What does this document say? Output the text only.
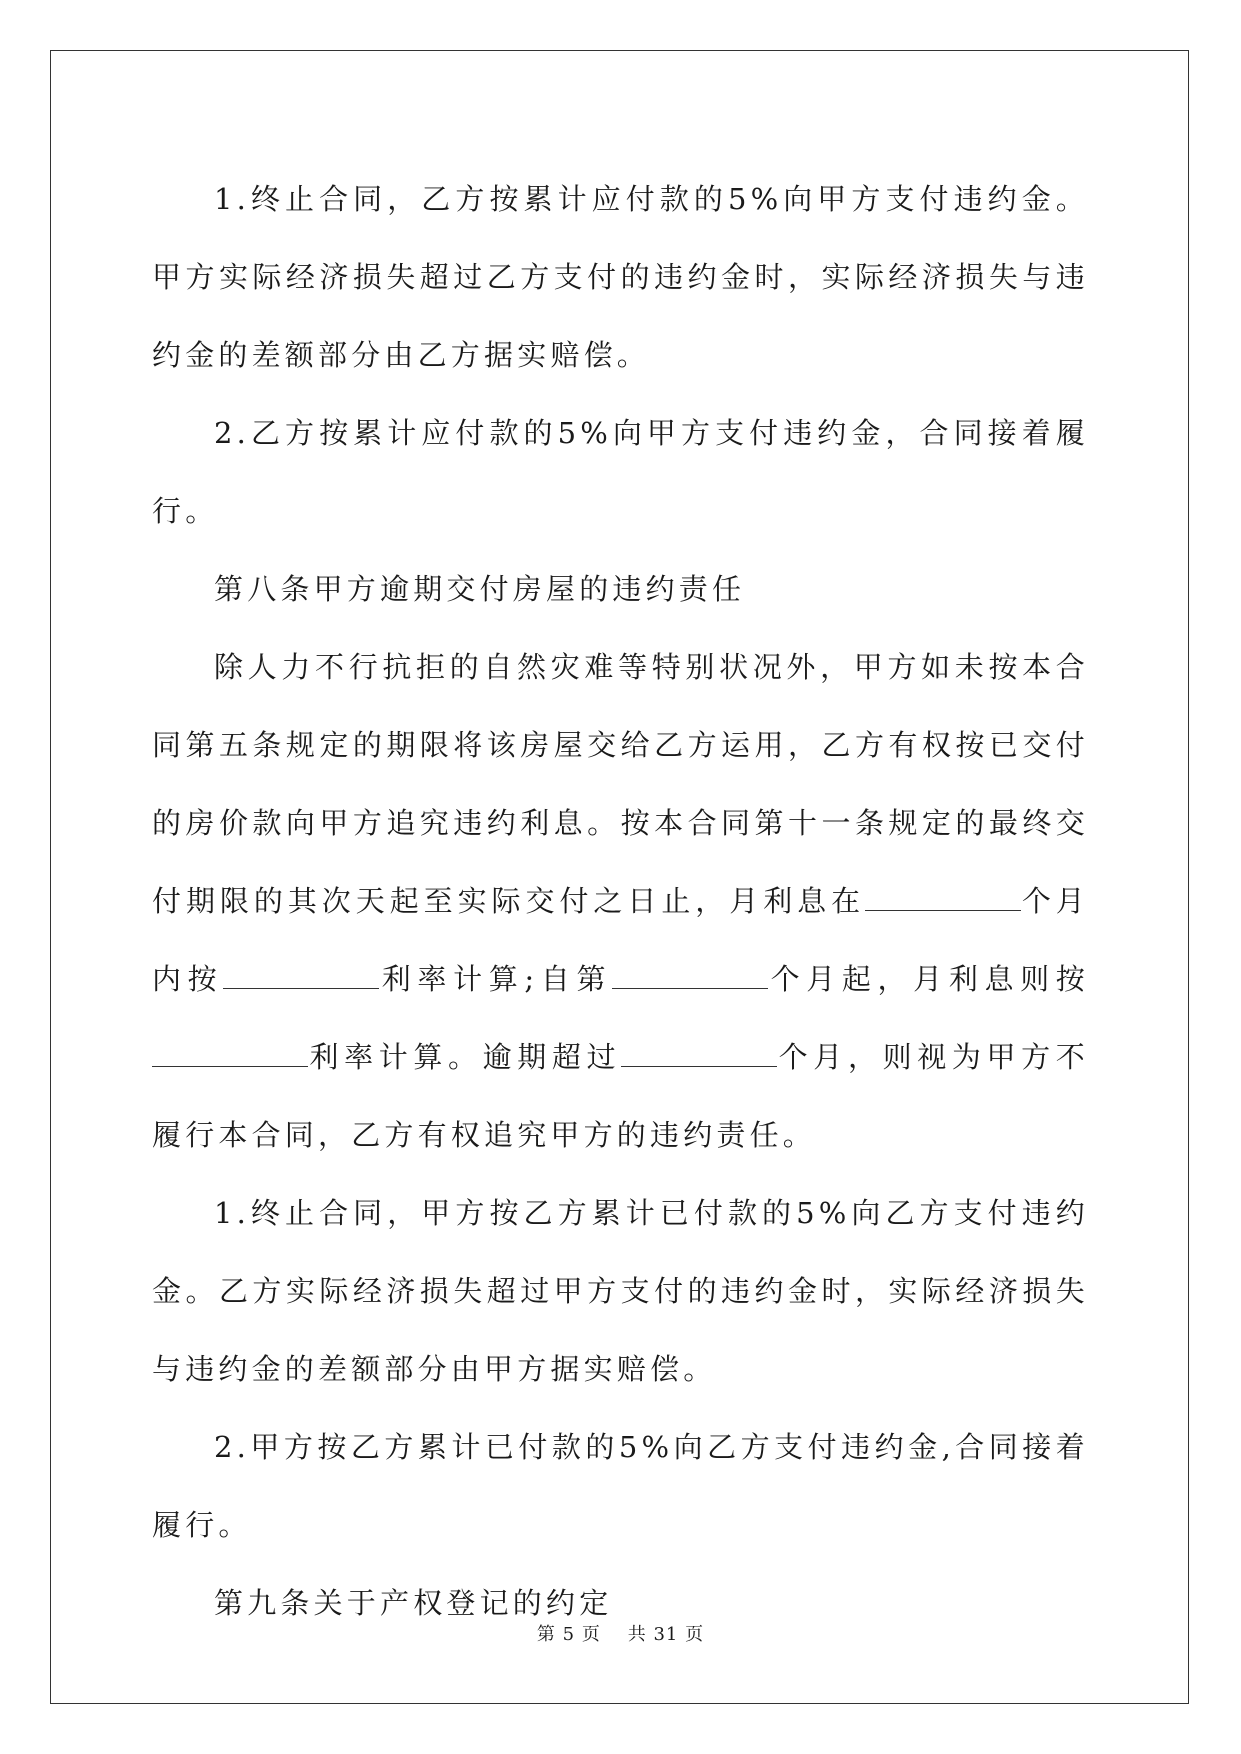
1.终止合同，乙方按累计应付款的5%向甲方支付违约金。甲方实际经济损失超过乙方支付的违约金时，实际经济损失与违约金的差额部分由乙方据实赔偿。

2.乙方按累计应付款的5%向甲方支付违约金，合同接着履行。

第八条甲方逾期交付房屋的违约责任

除人力不行抗拒的自然灾难等特别状况外，甲方如未按本合同第五条规定的期限将该房屋交给乙方运用，乙方有权按已交付的房价款向甲方追究违约利息。按本合同第十一条规定的最终交付期限的其次天起至实际交付之日止，月利息在	个月内按	利率计算;自第	个月起，月利息则按利率计算。逾期超过	个月，则视为甲方不履行本合同，乙方有权追究甲方的违约责任。

1.终止合同，甲方按乙方累计已付款的5%向乙方支付违约金。乙方实际经济损失超过甲方支付的违约金时，实际经济损失与违约金的差额部分由甲方据实赔偿。

2.甲方按乙方累计已付款的5%向乙方支付违约金,合同接着履行。

第九条关于产权登记的约定

第 5 页 共 31 页
